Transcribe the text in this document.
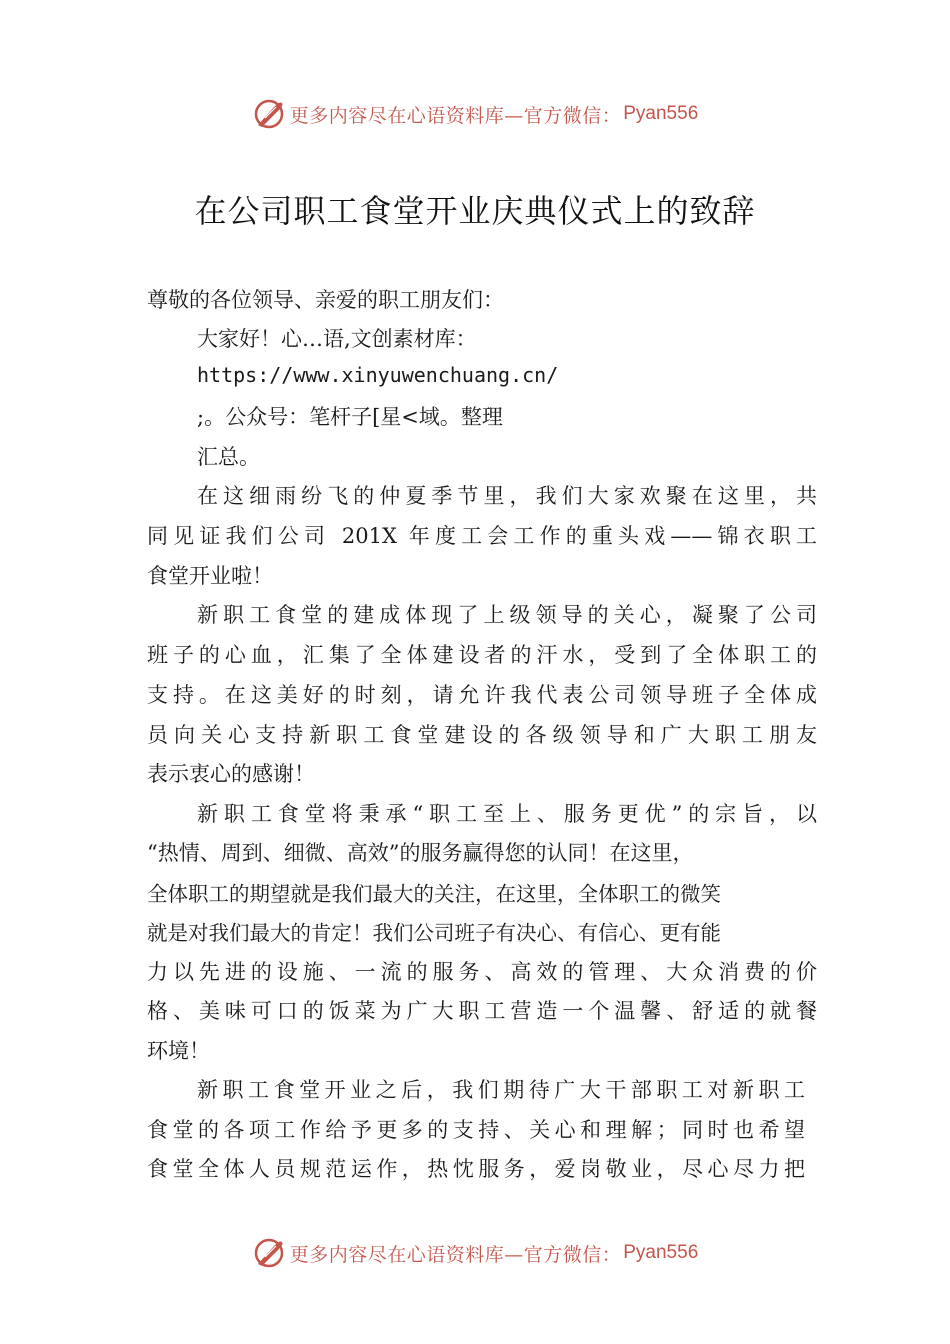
更多内容尽在心语资料库—官方微信： Pyan556
在公司职工食堂开业庆典仪式上的致辞
尊敬的各位领导、亲爱的职工朋友们：
大家好！心…语,文创素材库：
https://www.xinyuwenchuang.cn/
;。公众号：笔杆子[星<域。整理
汇总。
在这细雨纷飞的仲夏季节里，我们大家欢聚在这里，共
同见证我们公司 201X 年度工会工作的重头戏——锦衣职工
食堂开业啦！
新职工食堂的建成体现了上级领导的关心，凝聚了公司
班子的心血，汇集了全体建设者的汗水，受到了全体职工的
支持。在这美好的时刻，请允许我代表公司领导班子全体成
员向关心支持新职工食堂建设的各级领导和广大职工朋友
表示衷心的感谢！
新职工食堂将秉承“职工至上、服务更优”的宗旨，以
“热情、周到、细微、高效”的服务赢得您的认同！在这里，
全体职工的期望就是我们最大的关注，在这里，全体职工的微笑
就是对我们最大的肯定！我们公司班子有决心、有信心、更有能
力以先进的设施、一流的服务、高效的管理、大众消费的价
格、美味可口的饭菜为广大职工营造一个温馨、舒适的就餐
环境！
新职工食堂开业之后，我们期待广大干部职工对新职工
食堂的各项工作给予更多的支持、关心和理解；同时也希望
食堂全体人员规范运作，热忱服务，爱岗敬业，尽心尽力把
更多内容尽在心语资料库—官方微信： Pyan556
